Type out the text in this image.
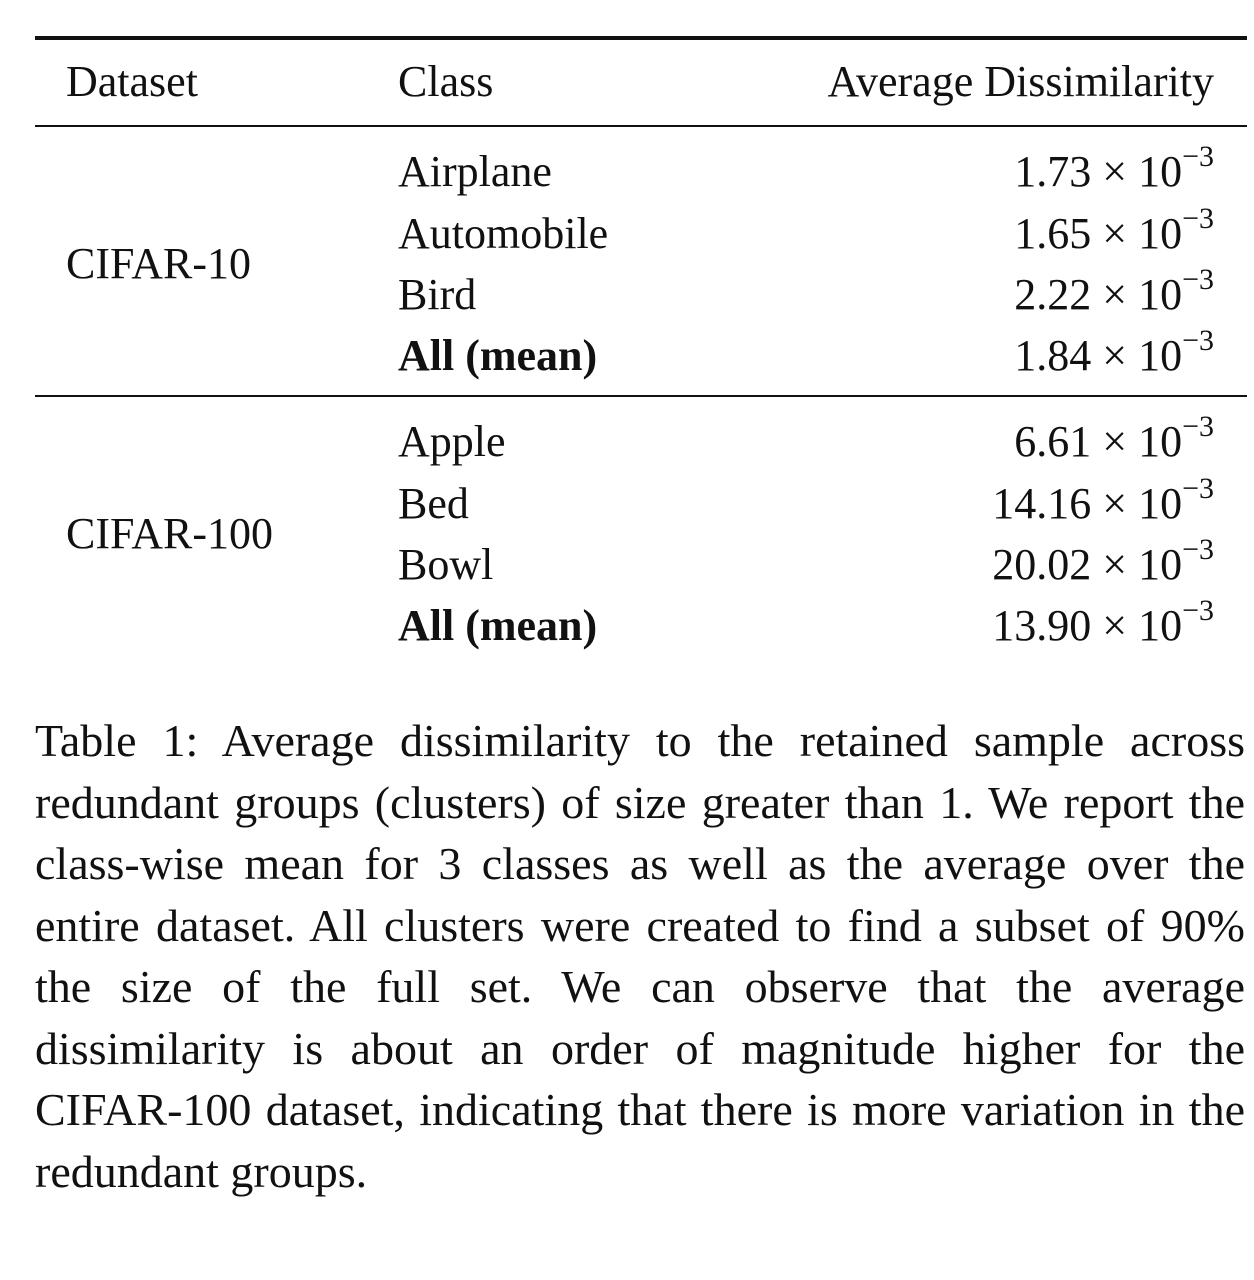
Dataset	Class	Average Dissimilarity
CIFAR-10
Airplane	$1.73 \times 10^{-3}$
Automobile	$1.65 \times 10^{-3}$
Bird	$2.22 \times 10^{-3}$
All (mean)	$1.84 \times 10^{-3}$
CIFAR-100
Apple	$6.61 \times 10^{-3}$
Bed	$14.16 \times 10^{-3}$
Bowl	$20.02 \times 10^{-3}$
All (mean)	$13.90 \times 10^{-3}$
Table 1: Average dissimilarity to the retained sample across redundant groups (clusters) of size greater than 1. We report the class-wise mean for 3 classes as well as the average over the entire dataset. All clusters were created to find a subset of 90% the size of the full set. We can observe that the average dissimilarity is about an order of magnitude higher for the CIFAR-100 dataset, indicating that there is more variation in the redundant groups.
